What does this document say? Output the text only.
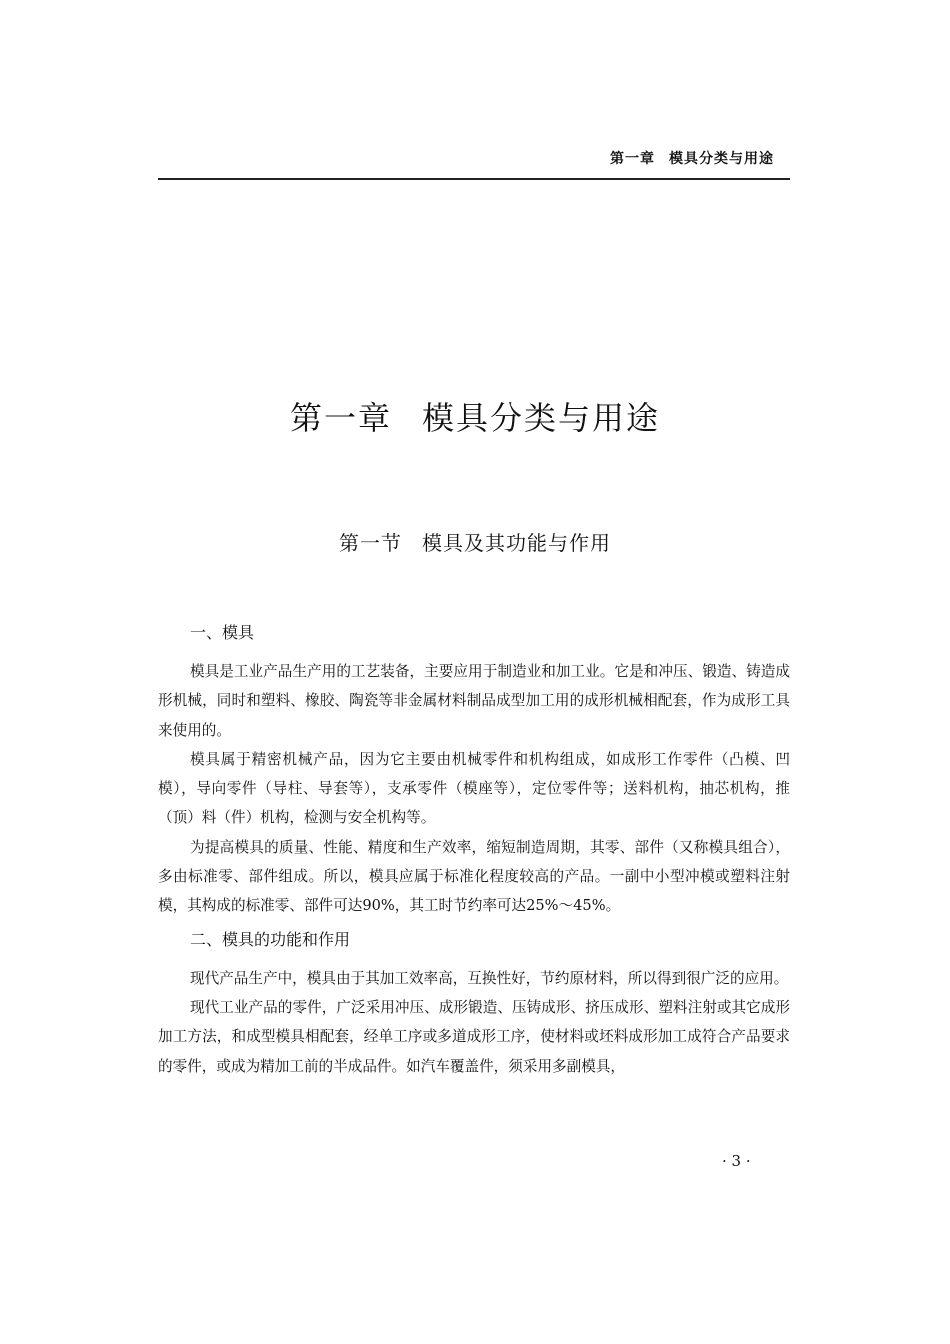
第一章 模具分类与用途
第一章 模具分类与用途
第一节 模具及其功能与作用

一、模具

模具是工业产品生产用的工艺装备，主要应用于制造业和加工业。它是和冲压、锻造、铸造成形机械，同时和塑料、橡胶、陶瓷等非金属材料制品成型加工用的成形机械相配套，作为成形工具来使用的。

模具属于精密机械产品，因为它主要由机械零件和机构组成，如成形工作零件（凸模、凹模），导向零件（导柱、导套等），支承零件（模座等），定位零件等；送料机构，抽芯机构，推（顶）料（件）机构，检测与安全机构等。

为提高模具的质量、性能、精度和生产效率，缩短制造周期，其零、部件（又称模具组合），多由标准零、部件组成。所以，模具应属于标准化程度较高的产品。一副中小型冲模或塑料注射模，其构成的标准零、部件可达90%，其工时节约率可达25%～45%。

二、模具的功能和作用

现代产品生产中，模具由于其加工效率高，互换性好，节约原材料，所以得到很广泛的应用。

现代工业产品的零件，广泛采用冲压、成形锻造、压铸成形、挤压成形、塑料注射或其它成形加工方法，和成型模具相配套，经单工序或多道成形工序，使材料或坯料成形加工成符合产品要求的零件，或成为精加工前的半成品件。如汽车覆盖件，须采用多副模具，

· 3 ·
